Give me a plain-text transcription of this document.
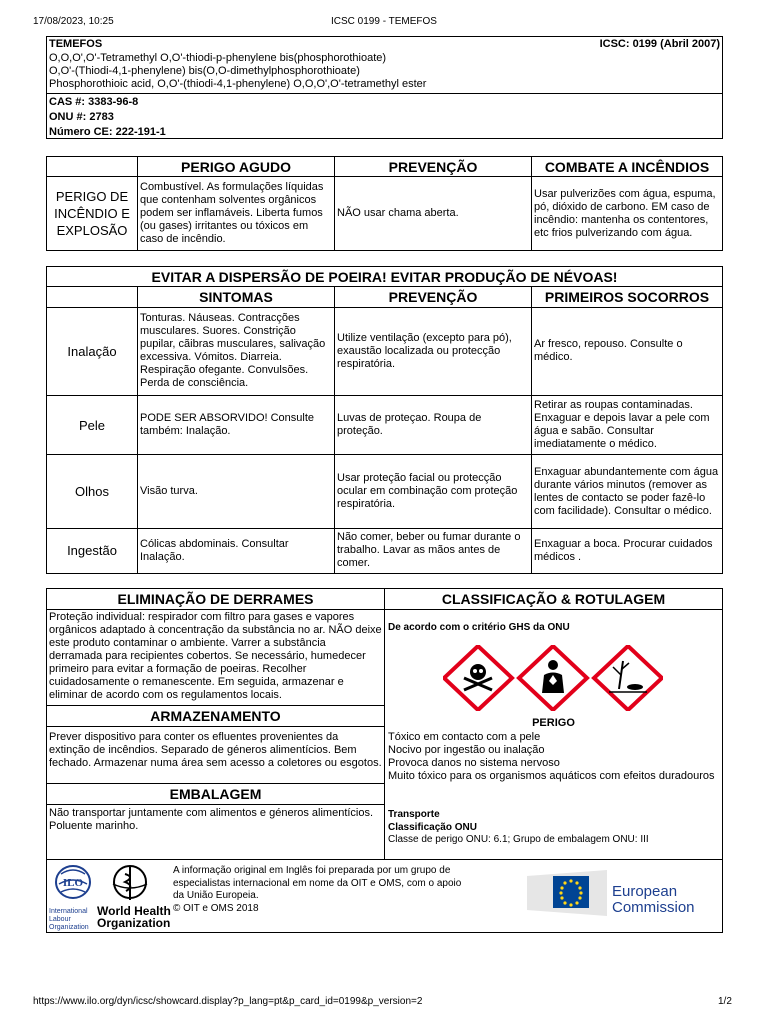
17/08/2023, 10:25	ICSC 0199 - TEMEFOS
TEMEFOS	ICSC: 0199 (Abril 2007)
O,O,O',O'-Tetramethyl O,O'-thiodi-p-phenylene bis(phosphorothioate)
O,O'-(Thiodi-4,1-phenylene) bis(O,O-dimethylphosphorothioate)
Phosphorothioic acid, O,O'-(thiodi-4,1-phenylene) O,O,O',O'-tetramethyl ester
CAS #: 3383-96-8
ONU #: 2783
Número CE: 222-191-1
	PERIGO AGUDO	PREVENÇÃO	COMBATE A INCÊNDIOS
PERIGO DE INCÊNDIO E EXPLOSÃO	Combustível. As formulações líquidas que contenham solventes orgânicos podem ser inflamáveis. Liberta fumos (ou gases) irritantes ou tóxicos em caso de incêndio.	NÃO usar chama aberta.	Usar pulverizões com água, espuma, pó, dióxido de carbono. EM caso de incêndio: mantenha os contentores, etc frios pulverizando com água.
EVITAR A DISPERSÃO DE POEIRA! EVITAR PRODUÇÃO DE NÉVOAS!			
	SINTOMAS	PREVENÇÃO	PRIMEIROS SOCORROS
Inalação	Tonturas. Náuseas. Contracções musculares. Suores. Constrição pupilar, cãibras musculares, salivação excessiva. Vómitos. Diarreia. Respiração ofegante. Convulsões. Perda de consciência.	Utilize ventilação (excepto para pó), exaustão localizada ou protecção respiratória.	Ar fresco, repouso. Consulte o médico.
Pele	PODE SER ABSORVIDO! Consulte também: Inalação.	Luvas de proteçao. Roupa de proteção.	Retirar as roupas contaminadas. Enxaguar e depois lavar a pele com água e sabão. Consultar imediatamente o médico.
Olhos	Visão turva.	Usar proteção facial ou protecção ocular em combinação com proteção respiratória.	Enxaguar abundantemente com água durante vários minutos (remover as lentes de contacto se poder fazê-lo com facilidade). Consultar o médico.
Ingestão	Cólicas abdominais. Consultar Inalação.	Não comer, beber ou fumar durante o trabalho. Lavar as mãos antes de comer.	Enxaguar a boca. Procurar cuidados médicos .
ELIMINAÇÃO DE DERRAMES
Proteção individual: respirador com filtro para gases e vapores orgânicos adaptado à concentração da substância no ar. NÃO deixe este produto contaminar o ambiente. Varrer a substância derramada para recipientes cobertos. Se necessário, humedecer primeiro para evitar a formação de poeiras. Recolher cuidadosamente o remanescente. Em seguida, armazenar e eliminar de acordo com os regulamentos locais.
ARMAZENAMENTO
Prever dispositivo para conter os efluentes provenientes da extinção de incêndios. Separado de géneros alimentícios. Bem fechado. Armazenar numa área sem acesso a coletores ou esgotos.
EMBALAGEM
Não transportar juntamente com alimentos e géneros alimentícios.
Poluente marinho.
CLASSIFICAÇÃO & ROTULAGEM
De acordo com o critério GHS da ONU
PERIGO
Tóxico em contacto com a pele
Nocivo por ingestão ou inalação
Provoca danos no sistema nervoso
Muito tóxico para os organismos aquáticos com efeitos duradouros
Transporte
Classificação ONU
Classe de perigo ONU: 6.1; Grupo de embalagem ONU: III
ILO
International
Labour
Organization
World Health
Organization
A informação original em Inglês foi preparada por um grupo de especialistas internacional em nome da OIT e OMS, com o apoio da União Europeia.
© OIT e OMS 2018
European
Commission
https://www.ilo.org/dyn/icsc/showcard.display?p_lang=pt&p_card_id=0199&p_version=2	1/2
